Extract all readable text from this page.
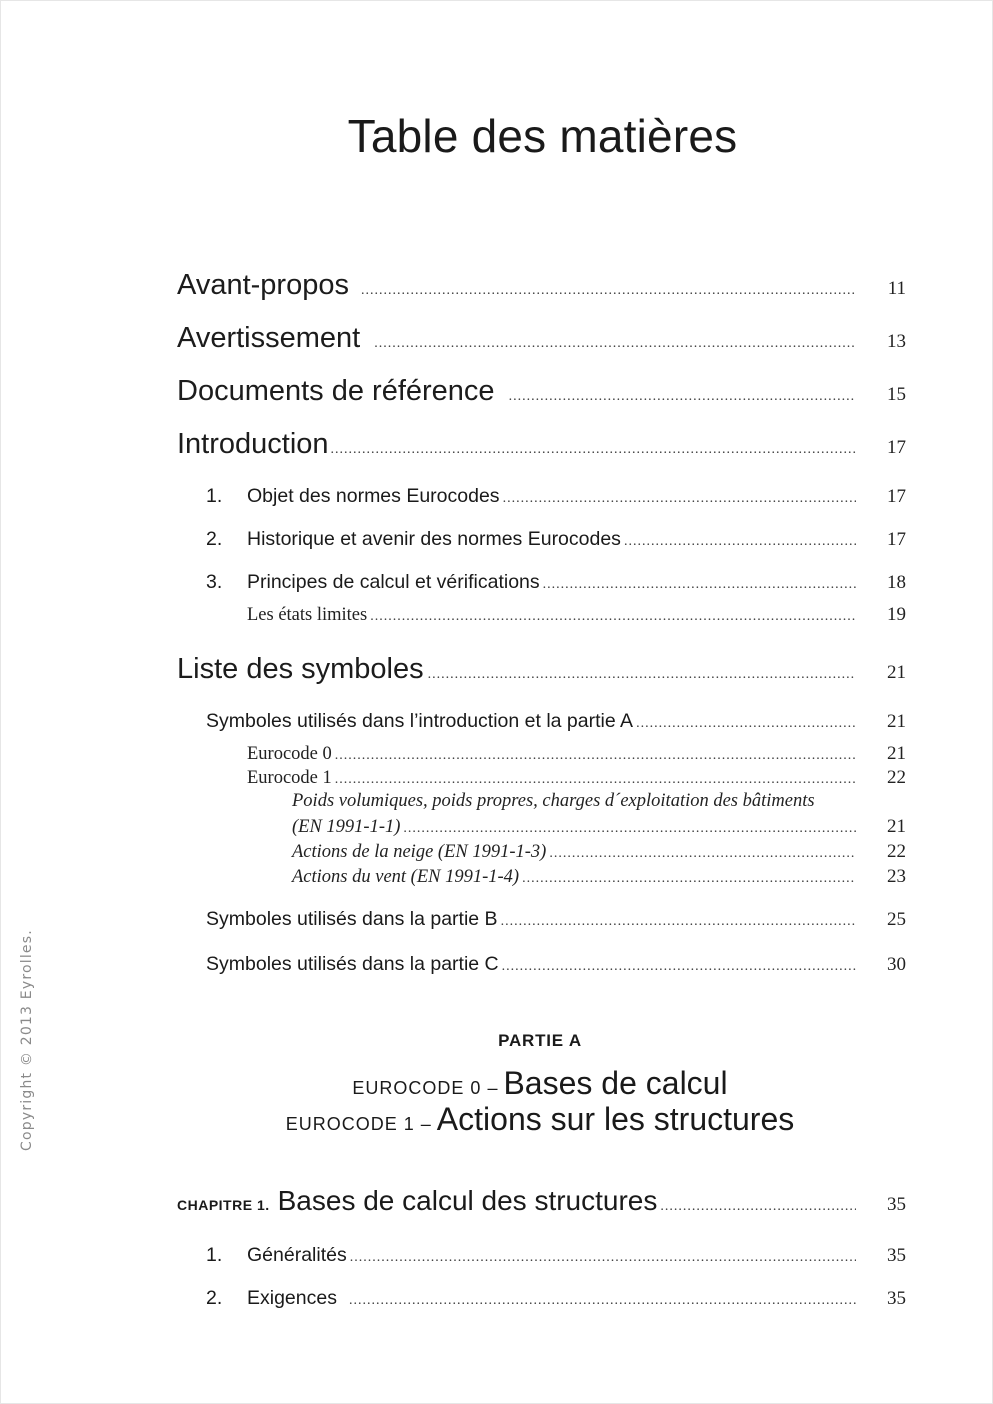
Table des matières
Copyright © 2013 Eyrolles.
Avant-propos .....	11
Avertissement .....	13
Documents de référence .....	15
Introduction .....	17
1.	Objet des normes Eurocodes .....	17
2.	Historique et avenir des normes Eurocodes .....	17
3.	Principes de calcul et vérifications .....	18
Les états limites .....	19
Liste des symboles .....	21
Symboles utilisés dans l’introduction et la partie A .....	21
Eurocode 0 .....	21
Eurocode 1 .....	22
Poids volumiques, poids propres, charges d´exploitation des bâtiments
(EN 1991-1-1) .....	21
Actions de la neige (EN 1991-1-3) .....	22
Actions du vent (EN 1991-1-4) .....	23
Symboles utilisés dans la partie B .....	25
Symboles utilisés dans la partie C .....	30
PARTIE A
EUROCODE 0 – Bases de calcul
EUROCODE 1 – Actions sur les structures
CHAPITRE 1. Bases de calcul des structures .....	35
1.	Généralités .....	35
2.	Exigences .....	35
